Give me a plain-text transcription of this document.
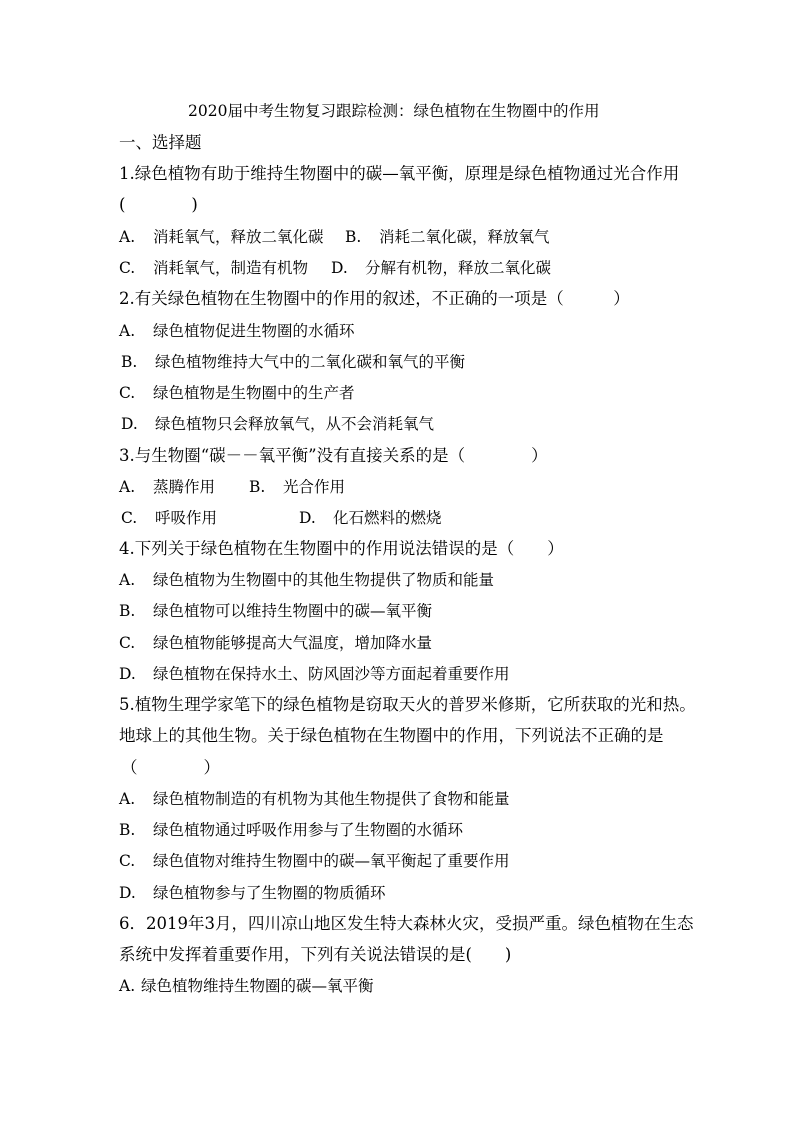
2020届中考生物复习跟踪检测：绿色植物在生物圈中的作用
一、选择题
1.绿色植物有助于维持生物圈中的碳—氧平衡，原理是绿色植物通过光合作用
(　　　　)
A. 消耗氧气，释放二氧化碳 B. 消耗二氧化碳，释放氧气
C. 消耗氧气，制造有机物 D. 分解有机物，释放二氧化碳
2.有关绿色植物在生物圈中的作用的叙述，不正确的一项是（　　　）
A. 绿色植物促进生物圈的水循环
B. 绿色植物维持大气中的二氧化碳和氧气的平衡
C. 绿色植物是生物圈中的生产者
D. 绿色植物只会释放氧气，从不会消耗氧气
3.与生物圈“碳－－氧平衡”没有直接关系的是（　　　　）
A. 蒸腾作用 B. 光合作用
C. 呼吸作用	D. 化石燃料的燃烧
4.下列关于绿色植物在生物圈中的作用说法错误的是（　　）
A. 绿色植物为生物圈中的其他生物提供了物质和能量
B. 绿色植物可以维持生物圈中的碳—氧平衡
C. 绿色植物能够提高大气温度，增加降水量
D. 绿色植物在保持水土、防风固沙等方面起着重要作用
5.植物生理学家笔下的绿色植物是窃取天火的普罗米修斯，它所获取的光和热。
地球上的其他生物。关于绿色植物在生物圈中的作用，下列说法不正确的是
（　　　　）
A. 绿色植物制造的有机物为其他生物提供了食物和能量
B. 绿色植物通过呼吸作用参与了生物圈的水循环
C. 绿色值物对维持生物圈中的碳—氧平衡起了重要作用
D. 绿色植物参与了生物圈的物质循环
6．2019年3月，四川凉山地区发生特大森林火灾，受损严重。绿色植物在生态
系统中发挥着重要作用，下列有关说法错误的是(　　)
A. 绿色植物维持生物圈的碳—氧平衡
